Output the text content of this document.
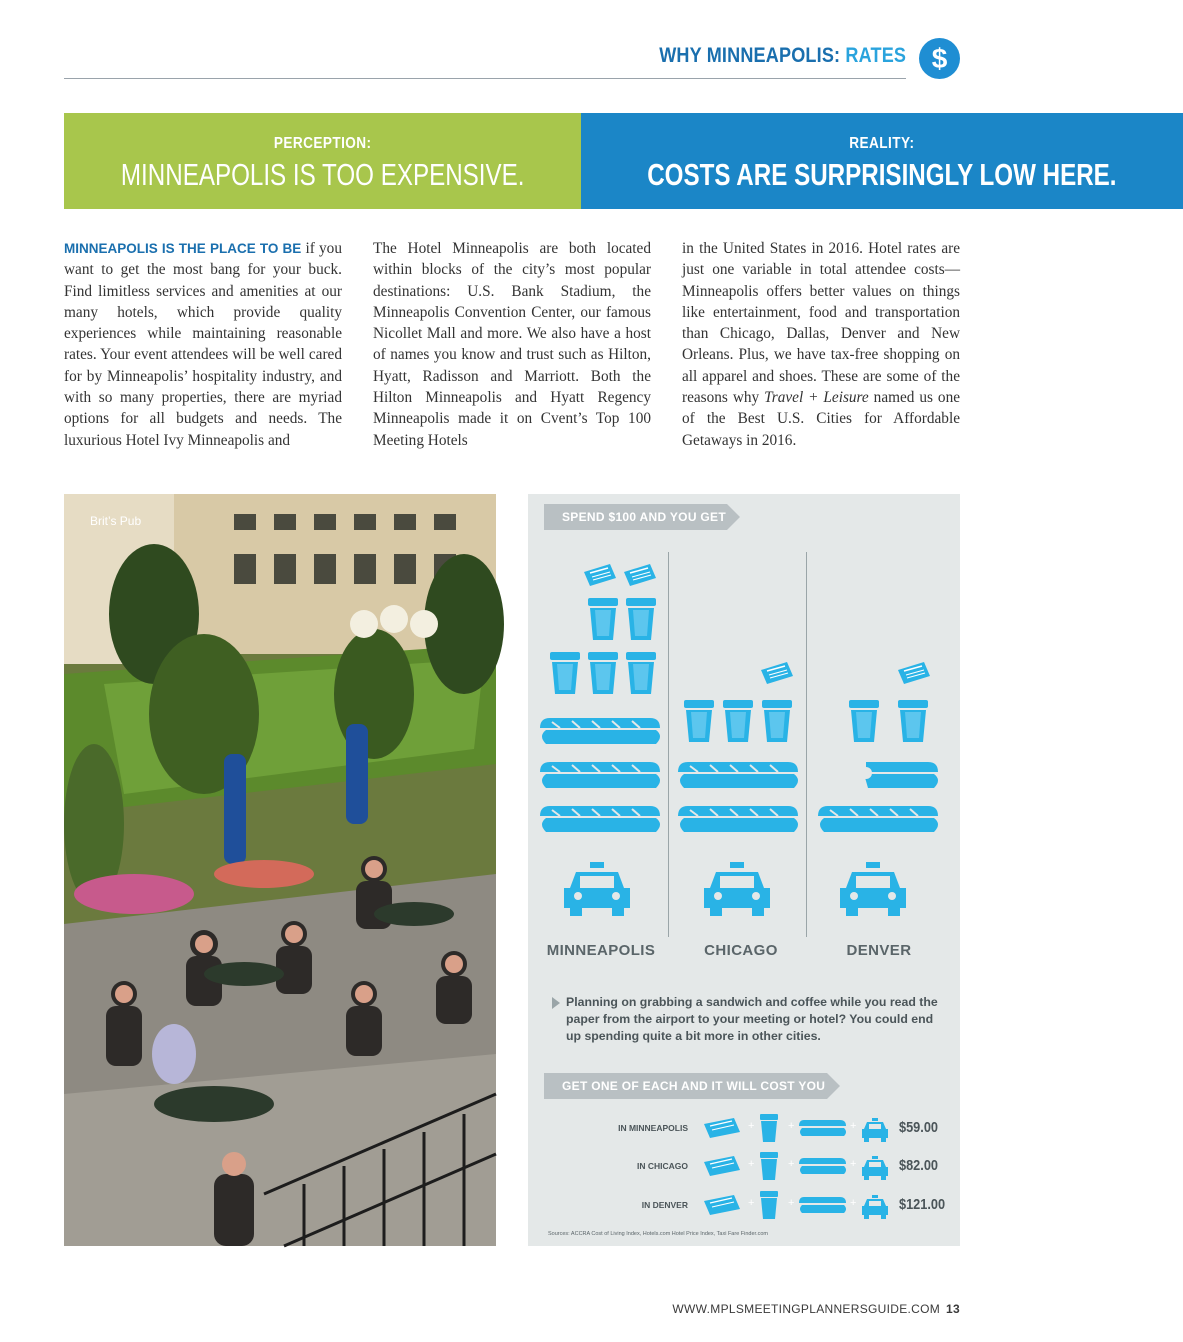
WHY MINNEAPOLIS: RATES $
PERCEPTION:
MINNEAPOLIS IS TOO EXPENSIVE.
REALITY:
COSTS ARE SURPRISINGLY LOW HERE.
MINNEAPOLIS IS THE PLACE TO BE if you want to get the most bang for your buck. Find limitless services and amenities at our many hotels, which provide quality experiences while maintaining reasonable rates. Your event attendees will be well cared for by Minneapolis’ hospitality industry, and with so many properties, there are myriad options for all budgets and needs. The luxurious Hotel Ivy Minneapolis and
The Hotel Minneapolis are both located within blocks of the city’s most popular destinations: U.S. Bank Stadium, the Minneapolis Convention Center, our famous Nicollet Mall and more. We also have a host of names you know and trust such as Hilton, Hyatt, Radisson and Marriott. Both the Hilton Minneapolis and Hyatt Regency Minneapolis made it on Cvent’s Top 100 Meeting Hotels
in the United States in 2016. Hotel rates are just one variable in total attendee costs—Minneapolis offers better values on things like entertainment, food and transportation than Chicago, Dallas, Denver and New Orleans. Plus, we have tax-free shopping on all apparel and shoes. These are some of the reasons why Travel + Leisure named us one of the Best U.S. Cities for Affordable Getaways in 2016.
Brit’s Pub	SPEND $100 AND YOU GET
MINNEAPOLIS	CHICAGO	DENVER
Planning on grabbing a sandwich and coffee while you read the paper from the airport to your meeting or hotel? You could end up spending quite a bit more in other cities.
GET ONE OF EACH AND IT WILL COST YOU
IN MINNEAPOLIS	$59.00
IN CHICAGO	$82.00
IN DENVER	$121.00
+	+	+
+	+	+
+	+	+
Sources: ACCRA Cost of Living Index, Hotels.com Hotel Price Index, Taxi Fare Finder.com
WWW.MPLSMEETINGPLANNERSGUIDE.COM 13
